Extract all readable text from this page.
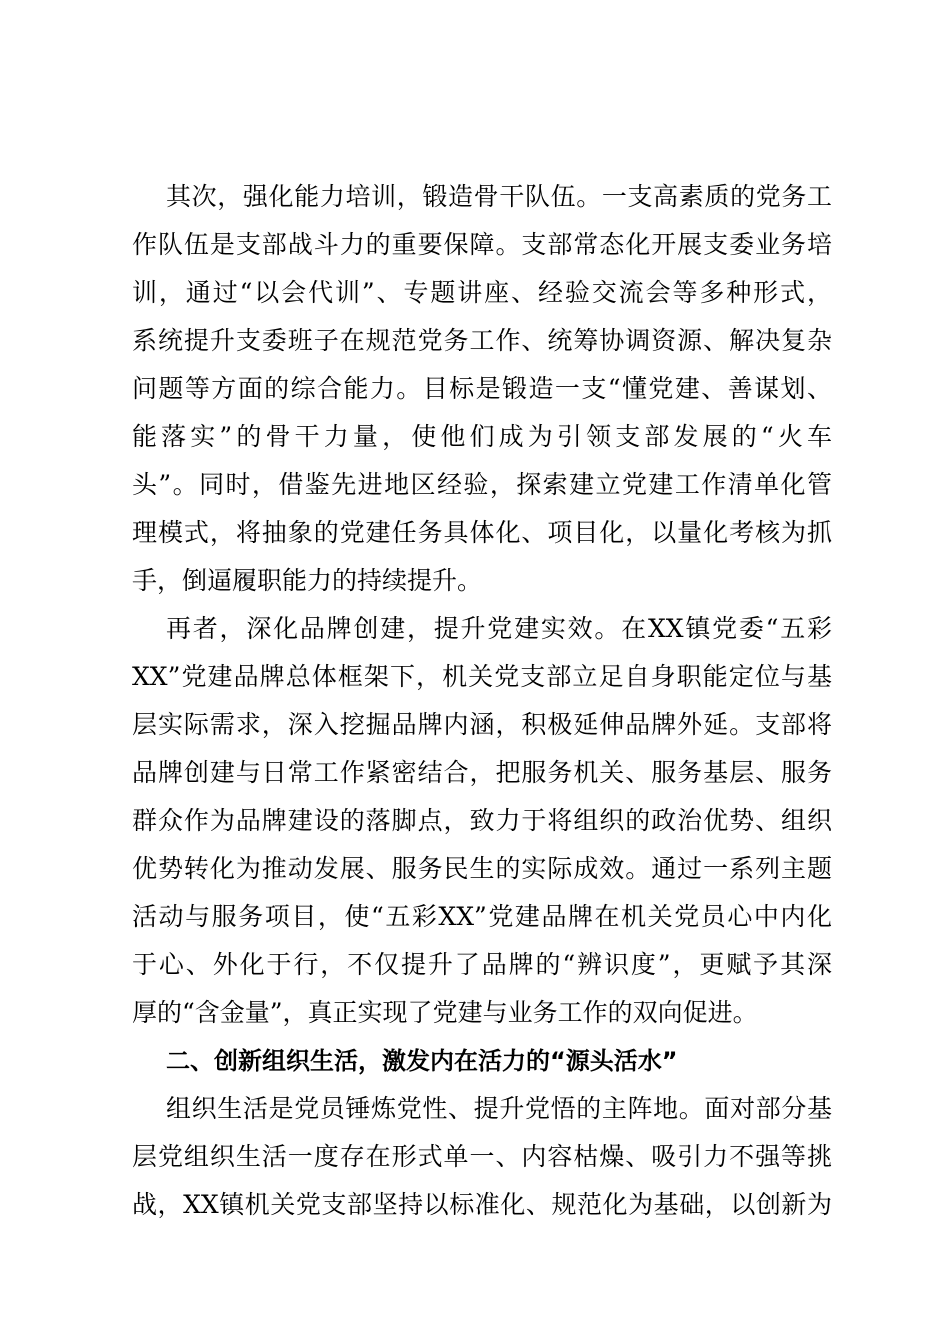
其次，强化能力培训，锻造骨干队伍。一支高素质的党务工
作队伍是支部战斗力的重要保障。支部常态化开展支委业务培
训，通过“以会代训”、专题讲座、经验交流会等多种形式，
系统提升支委班子在规范党务工作、统筹协调资源、解决复杂
问题等方面的综合能力。目标是锻造一支“懂党建、善谋划、
能落实”的骨干力量，使他们成为引领支部发展的“火车
头”。同时，借鉴先进地区经验，探索建立党建工作清单化管
理模式，将抽象的党建任务具体化、项目化，以量化考核为抓
手，倒逼履职能力的持续提升。
再者，深化品牌创建，提升党建实效。在XX镇党委“五彩
XX”党建品牌总体框架下，机关党支部立足自身职能定位与基
层实际需求，深入挖掘品牌内涵，积极延伸品牌外延。支部将
品牌创建与日常工作紧密结合，把服务机关、服务基层、服务
群众作为品牌建设的落脚点，致力于将组织的政治优势、组织
优势转化为推动发展、服务民生的实际成效。通过一系列主题
活动与服务项目，使“五彩XX”党建品牌在机关党员心中内化
于心、外化于行，不仅提升了品牌的“辨识度”，更赋予其深
厚的“含金量”，真正实现了党建与业务工作的双向促进。
二、创新组织生活，激发内在活力的“源头活水”
组织生活是党员锤炼党性、提升党悟的主阵地。面对部分基
层党组织生活一度存在形式单一、内容枯燥、吸引力不强等挑
战，XX镇机关党支部坚持以标准化、规范化为基础，以创新为
